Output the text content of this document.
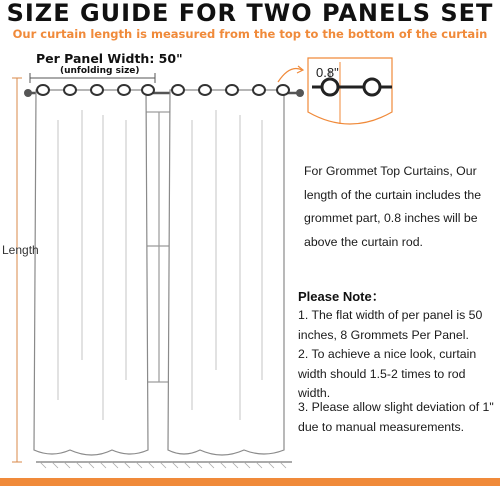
SIZE GUIDE FOR TWO PANELS SET
Our curtain length is measured from the top to the bottom of the curtain
Per Panel Width: 50"
(unfolding size)
Length
0.8"
For Grommet Top Curtains, Our
length of the curtain includes the
grommet part, 0.8 inches will be
above the curtain rod.
Please Note：
1. The flat width of per panel is 50 inches, 8 Grommets Per Panel.
2. To achieve a nice look, curtain width should 1.5-2 times to rod width.
3. Please allow slight deviation of 1" due to manual measurements.
